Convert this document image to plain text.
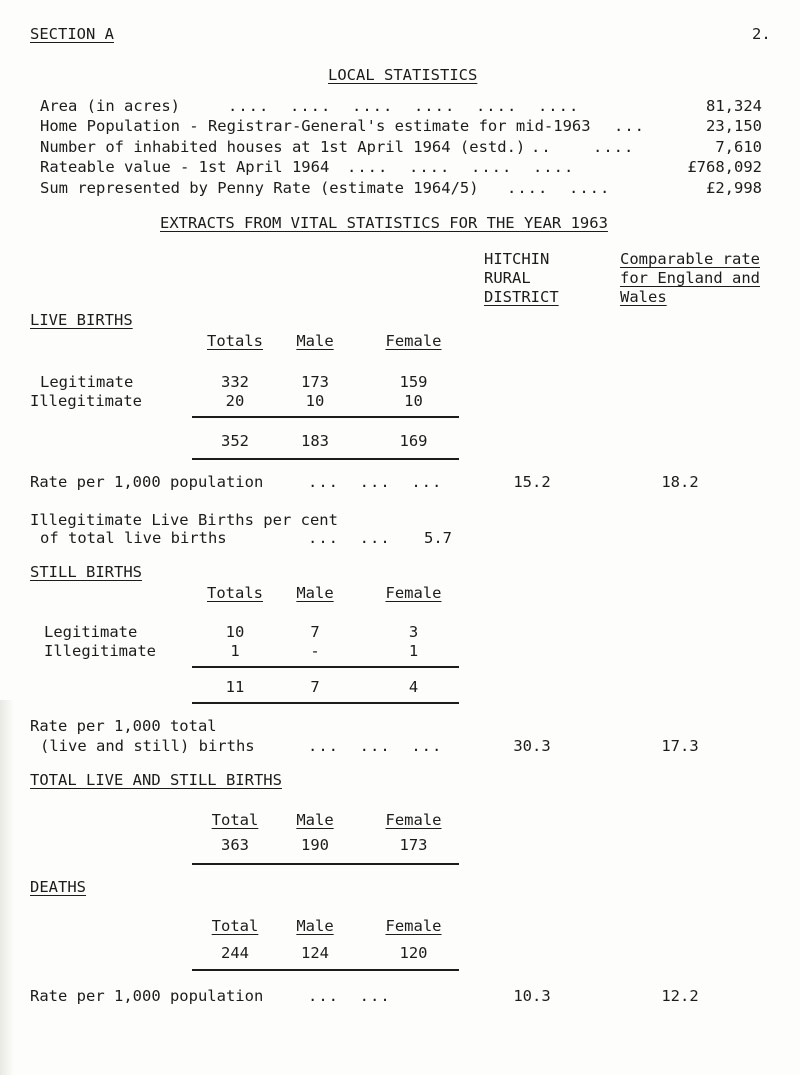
SECTION A	2.
LOCAL STATISTICS
Area (in acres)	....  ....  ....  ....  ....  ....	81,324
Home Population - Registrar-General's estimate for mid-1963 ...	23,150
Number of inhabited houses at 1st April 1964 (estd.) ..    ....	7,610
Rateable value - 1st April 1964 ....  ....  ....  ....	£768,092
Sum represented by Penny Rate (estimate 1964/5) ....  ....	£2,998
EXTRACTS FROM VITAL STATISTICS FOR THE YEAR 1963
HITCHIN
RURAL
DISTRICT
Comparable rate
for England and
Wales
LIVE BIRTHS
Totals	Male	Female
Legitimate	332	173	159
Illegitimate	20	10	10
352	183	169
Rate per 1,000 population	...  ...  ...	15.2	18.2
Illegitimate Live Births per cent
of total live births	...  ... 5.7
STILL BIRTHS
Totals	Male	Female
Legitimate	10	7	3
Illegitimate	1	-	1
11	7	4
Rate per 1,000 total
(live and still) births	...  ...  ...	30.3	17.3
TOTAL LIVE AND STILL BIRTHS
Total	Male	Female
363	190	173
DEATHS
Total	Male	Female
244	124	120
Rate per 1,000 population	...  ...	10.3	12.2
